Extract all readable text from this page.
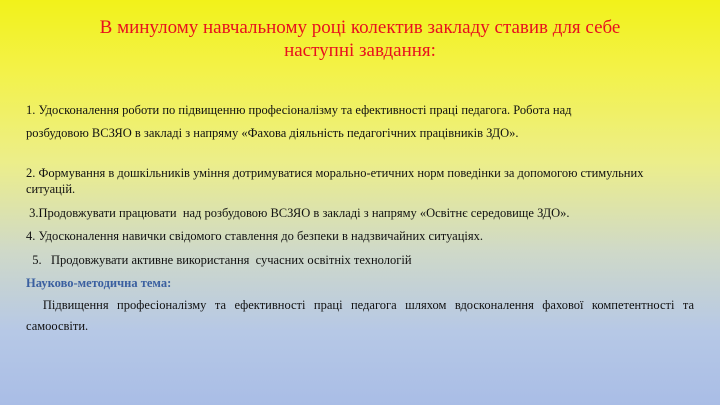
В минулому навчальному році колектив закладу ставив для себе
наступні завдання:
1. Удосконалення роботи по підвищенню професіоналізму та ефективності праці педагога. Робота над
розбудовою ВСЗЯО в закладі з напряму «Фахова діяльність педагогічних працівників ЗДО».
2. Формування в дошкільників уміння дотримуватися морально-етичних норм поведінки за допомогою стимульних
ситуацій.
3.Продовжувати працювати  над розбудовою ВСЗЯО в закладі з напряму «Освітнє середовище ЗДО».
4. Удосконалення навички свідомого ставлення до безпеки в надзвичайних ситуаціях.
5.   Продовжувати активне використання  сучасних освітніх технологій
Науково-методична тема:
Підвищення професіоналізму та ефективності праці педагога шляхом вдосконалення фахової компетентності та самоосвіти.
